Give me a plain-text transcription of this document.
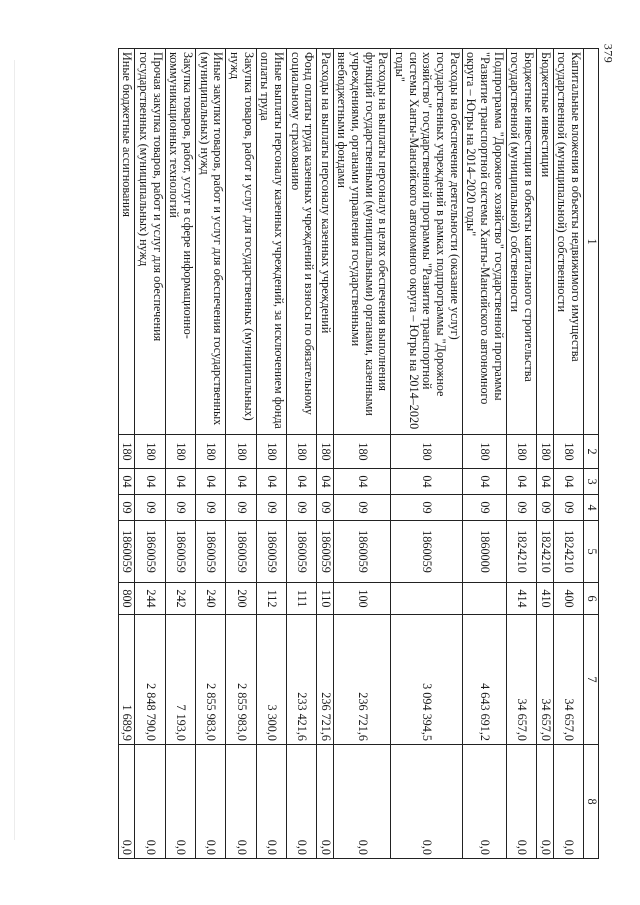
379
1	2	3	4	5	6	7	8
Капитальные вложения в объекты недвижимого имущества государственной (муниципальной) собственности	180	04	09	1824210	400	34 657,0	0,0
Бюджетные инвестиции	180	04	09	1824210	410	34 657,0	0,0
Бюджетные инвестиции в объекты капитального строительства государственной (муниципальной) собственности	180	04	09	1824210	414	34 657,0	0,0
Подпрограмма "Дорожное хозяйство" государственной программы "Развитие транспортной системы Ханты-Мансийского автономного округа – Югры на 2014–2020 годы"	180	04	09	1860000		4 643 691,2	0,0
Расходы на обеспечение деятельности (оказание услуг) государственных учреждений в рамках подпрограммы "Дорожное хозяйство" государственной программы "Развитие транспортной системы Ханты-Мансийского автономного округа – Югры на 2014–2020 годы"	180	04	09	1860059		3 094 394,5	0,0
Расходы на выплаты персоналу в целях обеспечения выполнения функций государственными (муниципальными) органами, казенными учреждениями, органами управления государственными внебюджетными фондами	180	04	09	1860059	100	236 721,6	0,0
Расходы на выплаты персоналу казенных учреждений	180	04	09	1860059	110	236 721,6	0,0
Фонд оплаты труда казенных учреждений и взносы по обязательному социальному страхованию	180	04	09	1860059	111	233 421,6	0,0
Иные выплаты персоналу казенных учреждений, за исключением фонда оплаты труда	180	04	09	1860059	112	3 300,0	0,0
Закупка товаров, работ и услуг для государственных (муниципальных) нужд	180	04	09	1860059	200	2 855 983,0	0,0
Иные закупки товаров, работ и услуг для обеспечения государственных (муниципальных) нужд	180	04	09	1860059	240	2 855 983,0	0,0
Закупка товаров, работ, услуг в сфере информационно-коммуникационных технологий	180	04	09	1860059	242	7 193,0	0,0
Прочая закупка товаров, работ и услуг для обеспечения государственных (муниципальных) нужд	180	04	09	1860059	244	2 848 790,0	0,0
Иные бюджетные ассигнования	180	04	09	1860059	800	1 689,9	0,0
